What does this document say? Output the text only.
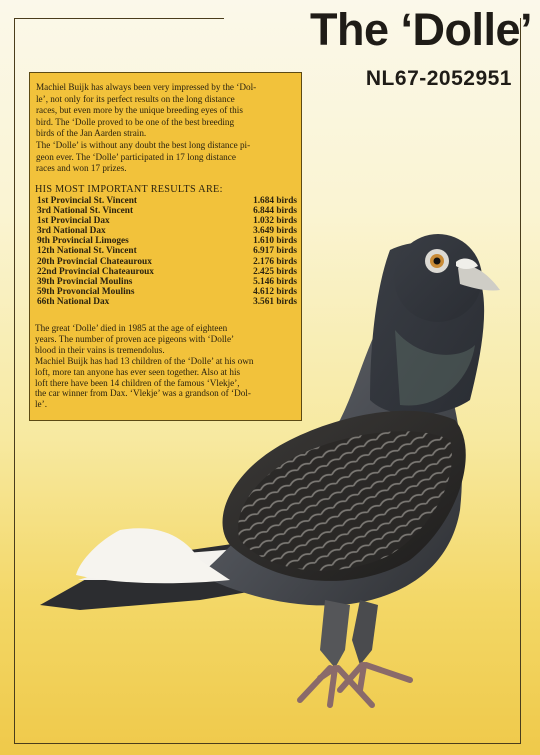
The ‘Dolle’
NL67-2052951
Machiel Buijk has always been very impressed by the ‘Dol-
le’, not only for its perfect results on the long distance
races, but even more by the unique breeding eyes of this
bird. The ‘Dolle proved to be one of the best breeding
birds of the Jan Aarden strain.
The ‘Dolle’ is without any doubt the best long distance pi-
geon ever. The ‘Dolle’ participated in 17 long distance
races and won 17 prizes.
HIS MOST IMPORTANT RESULTS ARE:
1st Provincial St. Vincent	1.684 birds
3rd National St. Vincent	6.844 birds
1st Provincial Dax	1.032 birds
3rd National Dax	3.649 birds
9th Provincial Limoges	1.610 birds
12th National St. Vincent	6.917 birds
20th Provincial Chateauroux	2.176 birds
22nd Provincial Chateauroux	2.425 birds
39th Provincial Moulins	5.146 birds
59th Provoncial Moulins	4.612 birds
66th National Dax	3.561 birds
The great ‘Dolle’ died in 1985 at the age of eighteen
years. The number of proven ace pigeons with ‘Dolle’
blood in their vains is tremendolus.
Machiel Buijk has had 13 children of the ‘Dolle’ at his own
loft, more tan anyone has ever seen together. Also at his
loft there have been 14 children of the famous ‘Vlekje’,
the car winner from Dax. ‘Vlekje’ was a grandson of ‘Dol-
le’.
